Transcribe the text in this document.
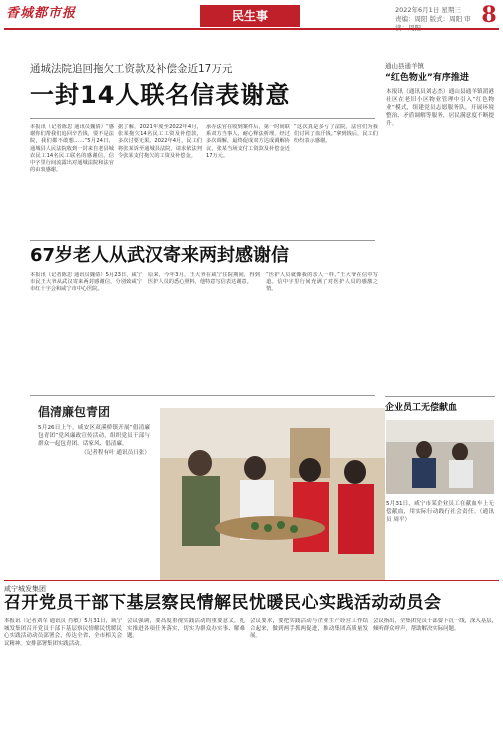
香城都市报	民生事	2022年6月1日 星期三
责编：周阳 版式：周阳 审 8
通城法院追回拖欠工资款及补偿金近17万元
一封14人联名信表谢意

本报讯（记者陈思 通讯员魏倩）“感谢你们帮我们追回辛苦钱，要不是法院，我们都不敢想……”5月24日，通城县人民法院收到一封来自老县城农民工14名民工联名的感谢信，信中字里行间流露出对通城法院和法官的由衷感谢。

据了解，2021年度至2022年4月，张某拖欠14名民工工资及补偿款，多次讨要无果。2022年4月，民工们将张某诉至通城县法院，请求依法判令张某支付拖欠的工资及补偿金。

承办法官在收到案件后，第一时间联系双方当事人，耐心释法析理，经过多次调解，最终促成双方达成调解协议，张某当场支付工资款及补偿金近17万元。

“这次真是多亏了法院，法官们为我们讨回了血汗钱。”拿到钱后，民工们纷纷表示感谢。

67岁老人从武汉寄来两封感谢信

本报讯（记者陈思 通讯员魏倩）5月23日，咸宁市民王大爷从武汉寄来两封感谢信，分别致咸宁市红十字会和咸宁市中心医院。

原来，今年3月，王大爷在咸宁住院期间，得到医护人员的悉心照料，他特意写信表达谢意。

“医护人员就像我的亲人一样。”王大爷在信中写道。信中字里行间充满了对医护人员的感激之情。

倡清廉包青团

5月26日上午，咸安区双溪桥镇开展“倡清廉包青团”党风廉政宣传活动，组织党员干部与群众一起包青团、话家风、倡清廉。

（记者程有叶 通讯员日张）

通山县通羊镇
“红色物业”有序推进

本报讯（通讯员刘志杰）通山县通羊镇湄港社区在老旧小区物业管理中引入“红色物业”模式，组建党员志愿服务队，开展环境整治、矛盾调解等服务，居民满意度不断提升。

企业员工无偿献血

5月31日，咸宁市某企业员工在献血车上无偿献血，用实际行动践行社会责任。（通讯员 周平）

咸宁城发集团
召开党员干部下基层察民情解民忧暖民心实践活动动员会

本报讯（记者刘军 通讯员 肖敏）5月31日，咸宁城发集团召开党员干部下基层察民情解民忧暖民心实践活动动员部署会，传达全省、全市相关会议精神，安排部署集团实践活动。

会议强调，要高度重视实践活动的重要意义，扎实推进各项任务落实，切实为群众办实事、解难题。

会议要求，要把实践活动与企业生产经营工作结合起来，做到两手抓两促进，推动集团高质量发展。

会议指出，全集团党员干部要下沉一线，深入基层，倾听群众呼声，帮助解决实际问题。
